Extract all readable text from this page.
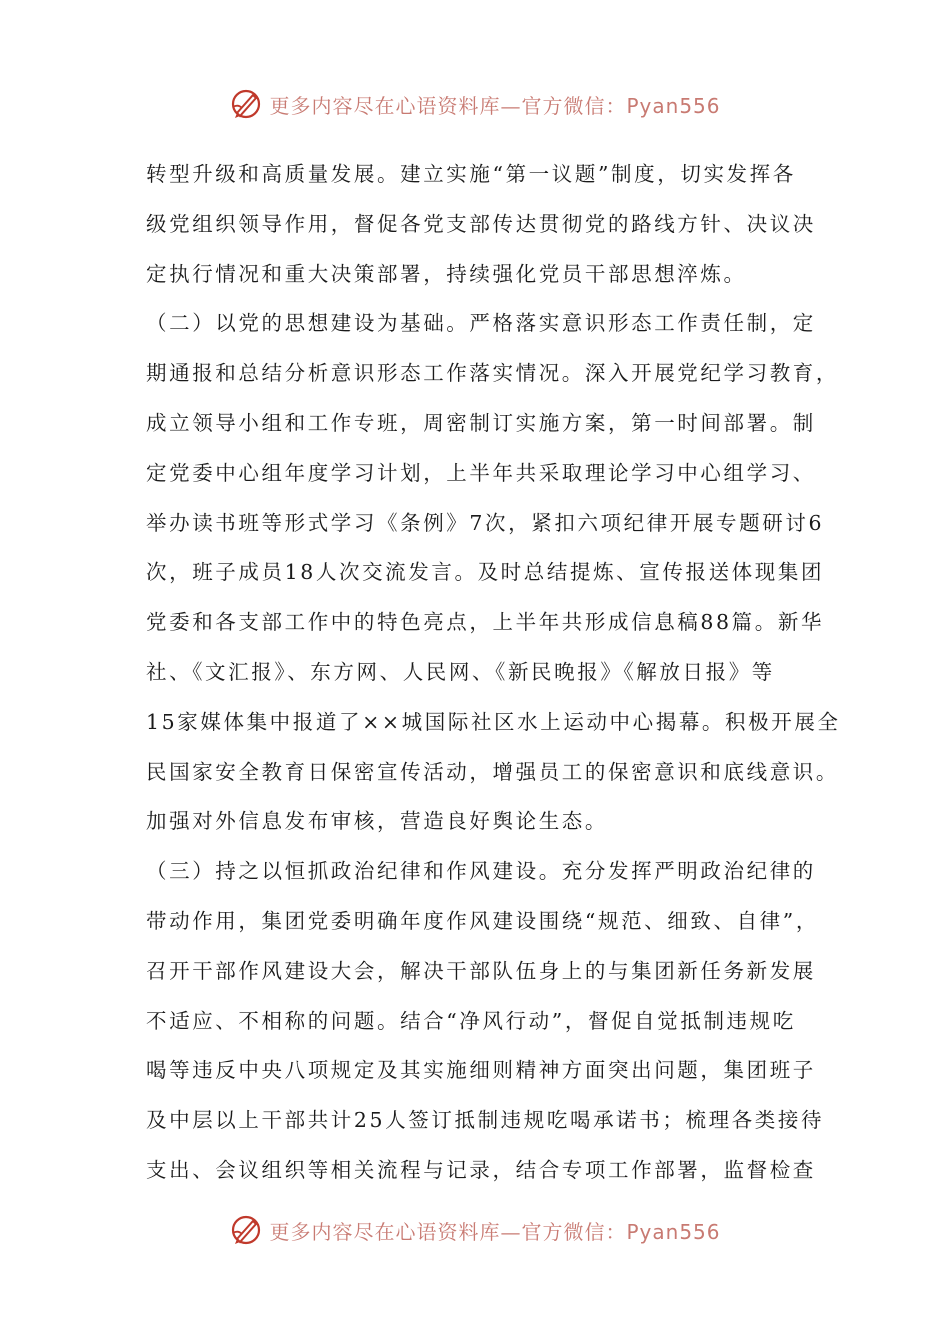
更多内容尽在心语资料库—官方微信：Pyan556
转型升级和高质量发展。建立实施“第一议题”制度，切实发挥各
级党组织领导作用，督促各党支部传达贯彻党的路线方针、决议决
定执行情况和重大决策部署，持续强化党员干部思想淬炼。
（二）以党的思想建设为基础。严格落实意识形态工作责任制，定
期通报和总结分析意识形态工作落实情况。深入开展党纪学习教育，
成立领导小组和工作专班，周密制订实施方案，第一时间部署。制
定党委中心组年度学习计划，上半年共采取理论学习中心组学习、
举办读书班等形式学习《条例》7次，紧扣六项纪律开展专题研讨6
次，班子成员18人次交流发言。及时总结提炼、宣传报送体现集团
党委和各支部工作中的特色亮点，上半年共形成信息稿88篇。新华
社、《文汇报》、东方网、人民网、《新民晚报》《解放日报》等
15家媒体集中报道了××城国际社区水上运动中心揭幕。积极开展全
民国家安全教育日保密宣传活动，增强员工的保密意识和底线意识。
加强对外信息发布审核，营造良好舆论生态。
（三）持之以恒抓政治纪律和作风建设。充分发挥严明政治纪律的
带动作用，集团党委明确年度作风建设围绕“规范、细致、自律”，
召开干部作风建设大会，解决干部队伍身上的与集团新任务新发展
不适应、不相称的问题。结合“净风行动”，督促自觉抵制违规吃
喝等违反中央八项规定及其实施细则精神方面突出问题，集团班子
及中层以上干部共计25人签订抵制违规吃喝承诺书；梳理各类接待
支出、会议组织等相关流程与记录，结合专项工作部署，监督检查
更多内容尽在心语资料库—官方微信：Pyan556
